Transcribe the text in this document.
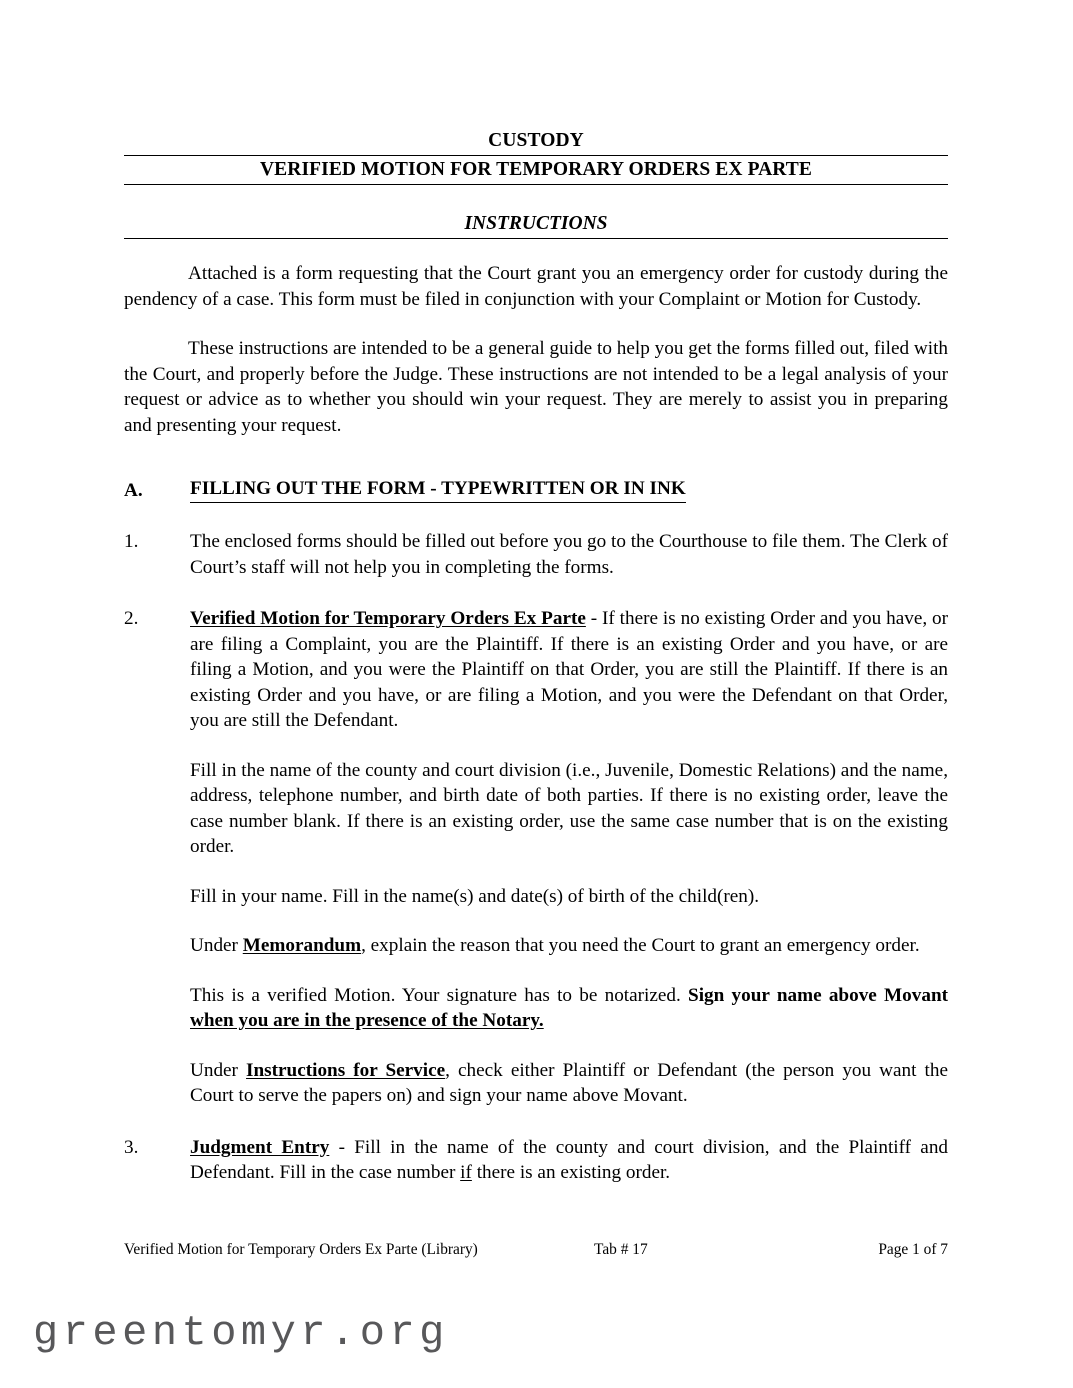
CUSTODY
VERIFIED MOTION FOR TEMPORARY ORDERS EX PARTE
INSTRUCTIONS

Attached is a form requesting that the Court grant you an emergency order for custody during the pendency of a case. This form must be filed in conjunction with your Complaint or Motion for Custody.

These instructions are intended to be a general guide to help you get the forms filled out, filed with the Court, and properly before the Judge. These instructions are not intended to be a legal analysis of your request or advice as to whether you should win your request. They are merely to assist you in preparing and presenting your request.

A.	FILLING OUT THE FORM - TYPEWRITTEN OR IN INK
1.	The enclosed forms should be filled out before you go to the Courthouse to file them. The Clerk of Court’s staff will not help you in completing the forms.

2.	Verified Motion for Temporary Orders Ex Parte - If there is no existing Order and you have, or are filing a Complaint, you are the Plaintiff. If there is an existing Order and you have, or are filing a Motion, and you were the Plaintiff on that Order, you are still the Plaintiff. If there is an existing Order and you have, or are filing a Motion, and you were the Defendant on that Order, you are still the Defendant.

Fill in the name of the county and court division (i.e., Juvenile, Domestic Relations) and the name, address, telephone number, and birth date of both parties. If there is no existing order, leave the case number blank. If there is an existing order, use the same case number that is on the existing order.

Fill in your name. Fill in the name(s) and date(s) of birth of the child(ren).

Under Memorandum, explain the reason that you need the Court to grant an emergency order.

This is a verified Motion. Your signature has to be notarized. Sign your name above Movant when you are in the presence of the Notary.

Under Instructions for Service, check either Plaintiff or Defendant (the person you want the Court to serve the papers on) and sign your name above Movant.

3.	Judgment Entry - Fill in the name of the county and court division, and the Plaintiff and Defendant. Fill in the case number if there is an existing order.

Verified Motion for Temporary Orders Ex Parte (Library)	Tab # 17	Page 1 of 7
greentomyr.org
